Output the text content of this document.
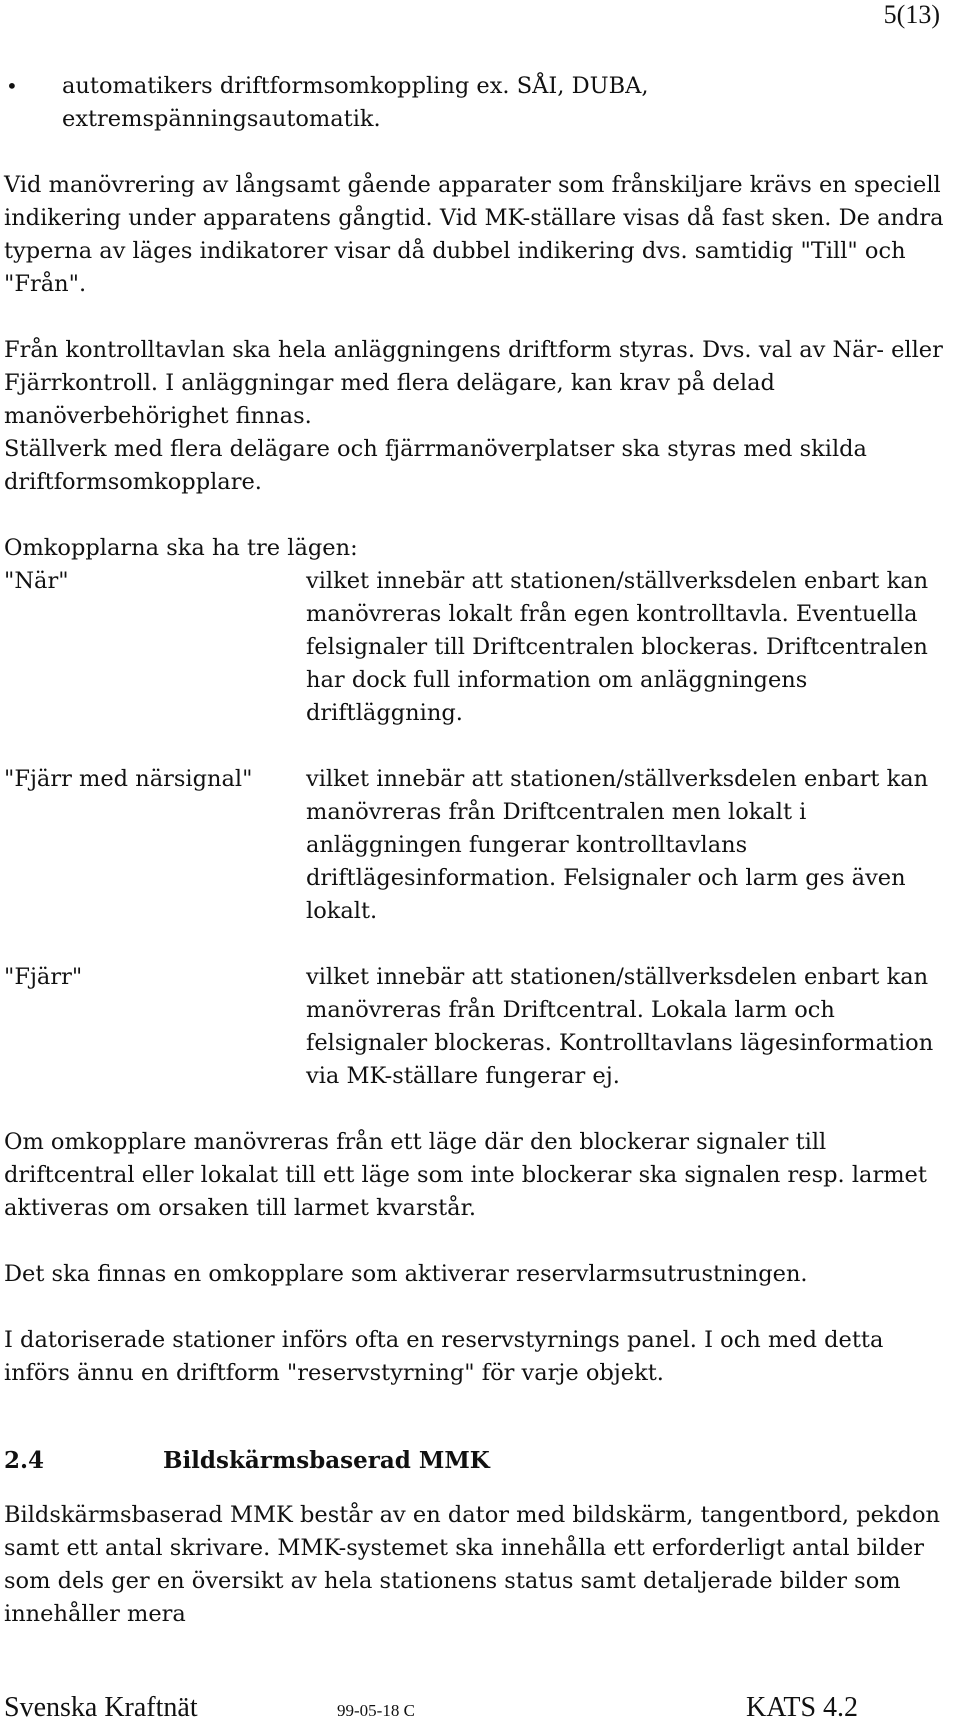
5(13)
•	automatikers driftformsomkoppling ex. SÅI, DUBA, extremspänningsautomatik.

Vid manövrering av långsamt gående apparater som frånskiljare krävs en speciell indikering under apparatens gångtid. Vid MK-ställare visas då fast sken. De andra typerna av läges indikatorer visar då dubbel indikering dvs. samtidig "Till" och "Från".

Från kontrolltavlan ska hela anläggningens driftform styras. Dvs. val av När- eller Fjärrkontroll. I anläggningar med flera delägare, kan krav på delad manöverbehörighet finnas.

Ställverk med flera delägare och fjärrmanöverplatser ska styras med skilda driftformsomkopplare.

Omkopplarna ska ha tre lägen:

"När"	vilket innebär att stationen/ställverksdelen enbart kan manövreras lokalt från egen kontrolltavla. Eventuella felsignaler till Driftcentralen blockeras. Driftcentralen har dock full information om anläggningens driftläggning.
"Fjärr med närsignal"	vilket innebär att stationen/ställverksdelen enbart kan manövreras från Driftcentralen men lokalt i anläggningen fungerar kontrolltavlans driftlägesinformation. Felsignaler och larm ges även lokalt.
"Fjärr"	vilket innebär att stationen/ställverksdelen enbart kan manövreras från Driftcentral. Lokala larm och felsignaler blockeras. Kontrolltavlans lägesinformation via MK-ställare fungerar ej.

Om omkopplare manövreras från ett läge där den blockerar signaler till driftcentral eller lokalat till ett läge som inte blockerar ska signalen resp. larmet aktiveras om orsaken till larmet kvarstår.

Det ska finnas en omkopplare som aktiverar reservlarmsutrustningen.

I datoriserade stationer införs ofta en reservstyrnings panel. I och med detta införs ännu en driftform "reservstyrning" för varje objekt.

2.4	Bildskärmsbaserad MMK

Bildskärmsbaserad MMK består av en dator med bildskärm, tangentbord, pekdon samt ett antal skrivare. MMK-systemet ska innehålla ett erforderligt antal bilder som dels ger en översikt av hela stationens status samt detaljerade bilder som innehåller mera

Svenska Kraftnät	99-05-18 C	KATS 4.2
